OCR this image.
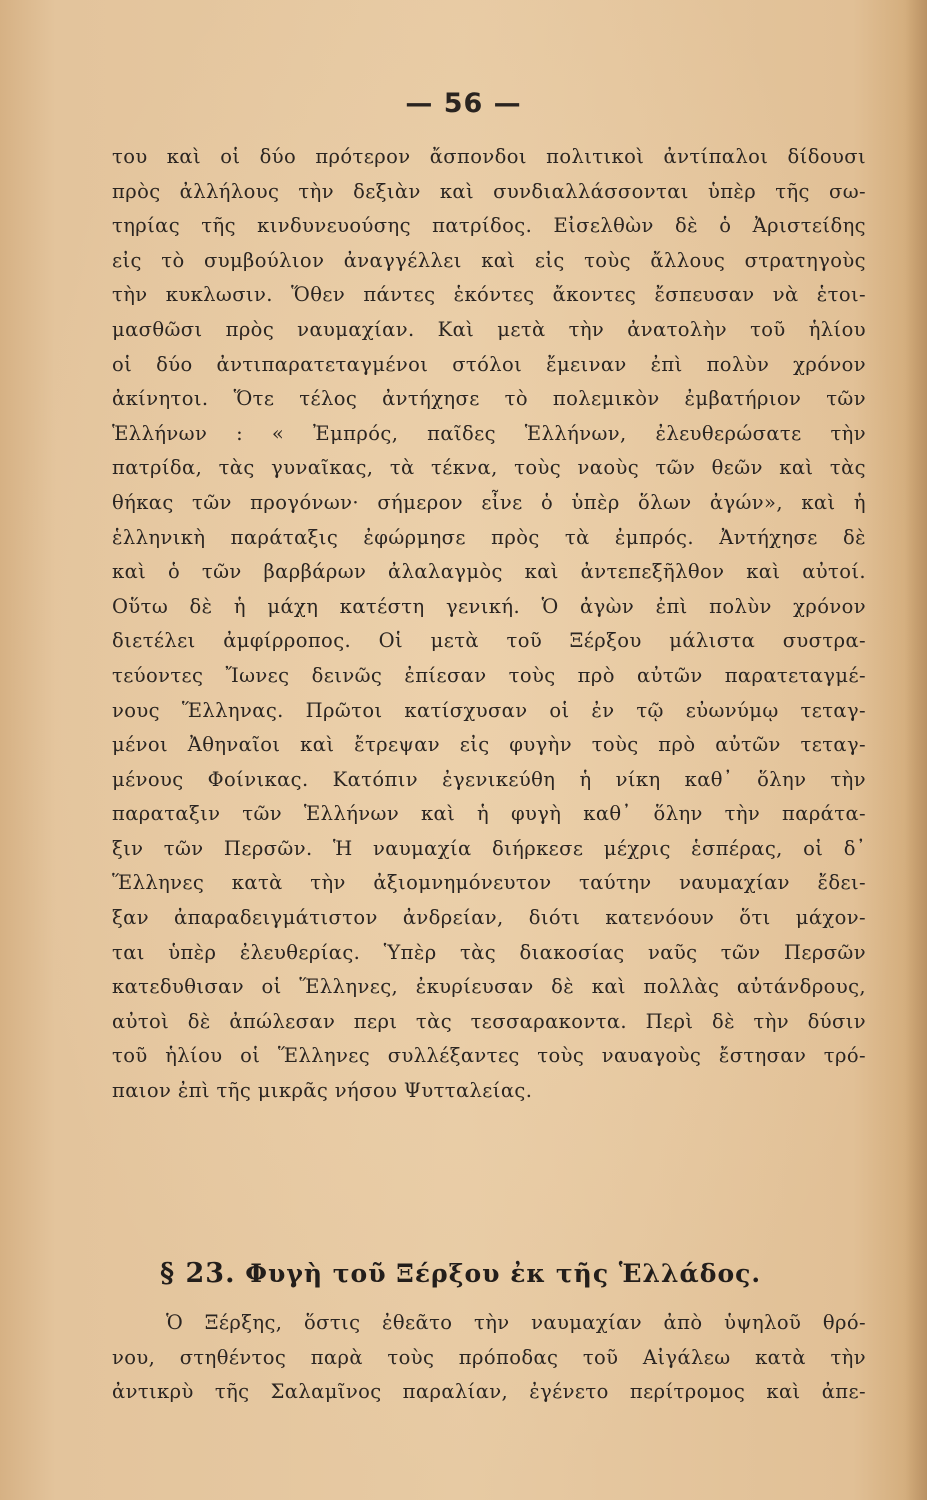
— 56 —
του καὶ οἱ δύο πρότερον ἄσπονδοι πολιτικοὶ ἀντίπαλοι δίδουσι
πρὸς ἀλλήλους τὴν δεξιὰν καὶ συνδιαλλάσσονται ὑπὲρ τῆς σω-
τηρίας τῆς κινδυνευούσης πατρίδος. Εἰσελθὼν δὲ ὁ Ἀριστείδης
εἰς τὸ συμβούλιον ἀναγγέλλει καὶ εἰς τοὺς ἄλλους στρατηγοὺς
τὴν κυκλωσιν. Ὅθεν πάντες ἑκόντες ἄκοντες ἔσπευσαν νὰ ἑτοι-
μασθῶσι πρὸς ναυμαχίαν. Καὶ μετὰ τὴν ἀνατολὴν τοῦ ἡλίου
οἱ δύο ἀντιπαρατεταγμένοι στόλοι ἔμειναν ἐπὶ πολὺν χρόνον
ἀκίνητοι. Ὅτε τέλος ἀντήχησε τὸ πολεμικὸν ἐμβατήριον τῶν
Ἑλλήνων : « Ἐμπρός, παῖδες Ἑλλήνων, ἐλευθερώσατε τὴν
πατρίδα, τὰς γυναῖκας, τὰ τέκνα, τοὺς ναοὺς τῶν θεῶν καὶ τὰς
θήκας τῶν προγόνων· σήμερον εἶνε ὁ ὑπὲρ ὅλων ἀγών», καὶ ἡ
ἑλληνικὴ παράταξις ἐφώρμησε πρὸς τὰ ἐμπρός. Ἀντήχησε δὲ
καὶ ὁ τῶν βαρβάρων ἀλαλαγμὸς καὶ ἀντεπεξῆλθον καὶ αὐτοί.
Οὕτω δὲ ἡ μάχη κατέστη γενική. Ὁ ἀγὼν ἐπὶ πολὺν χρόνον
διετέλει ἀμφίρροπος. Οἱ μετὰ τοῦ Ξέρξου μάλιστα συστρα-
τεύοντες Ἴωνες δεινῶς ἐπίεσαν τοὺς πρὸ αὐτῶν παρατεταγμέ-
νους Ἕλληνας. Πρῶτοι κατίσχυσαν οἱ ἐν τῷ εὐωνύμῳ τεταγ-
μένοι Ἀθηναῖοι καὶ ἔτρεψαν εἰς φυγὴν τοὺς πρὸ αὐτῶν τεταγ-
μένους Φοίνικας. Κατόπιν ἐγενικεύθη ἡ νίκη καθ᾽ ὅλην τὴν
παραταξιν τῶν Ἑλλήνων καὶ ἡ φυγὴ καθ᾽ ὅλην τὴν παράτα-
ξιν τῶν Περσῶν. Ἡ ναυμαχία διήρκεσε μέχρις ἑσπέρας, οἱ δ᾽
Ἕλληνες κατὰ τὴν ἀξιομνημόνευτον ταύτην ναυμαχίαν ἔδει-
ξαν ἀπαραδειγμάτιστον ἀνδρείαν, διότι κατενόουν ὅτι μάχον-
ται ὑπὲρ ἐλευθερίας. Ὑπὲρ τὰς διακοσίας ναῦς τῶν Περσῶν
κατεδυθισαν οἱ Ἕλληνες, ἐκυρίευσαν δὲ καὶ πολλὰς αὐτάνδρους,
αὐτοὶ δὲ ἀπώλεσαν περι τὰς τεσσαρακοντα. Περὶ δὲ τὴν δύσιν
τοῦ ἡλίου οἱ Ἕλληνες συλλέξαντες τοὺς ναυαγοὺς ἔστησαν τρό-
παιον ἐπὶ τῆς μικρᾶς νήσου Ψυτταλείας.
§ 23. Φυγὴ τοῦ Ξέρξου ἐκ τῆς Ἑλλάδος.
Ὁ Ξέρξης, ὅστις ἐθεᾶτο τὴν ναυμαχίαν ἀπὸ ὑψηλοῦ θρό-
νου, στηθέντος παρὰ τοὺς πρόποδας τοῦ Αἰγάλεω κατὰ τὴν
ἀντικρὺ τῆς Σαλαμῖνος παραλίαν, ἐγένετο περίτρομος καὶ ἀπε-
